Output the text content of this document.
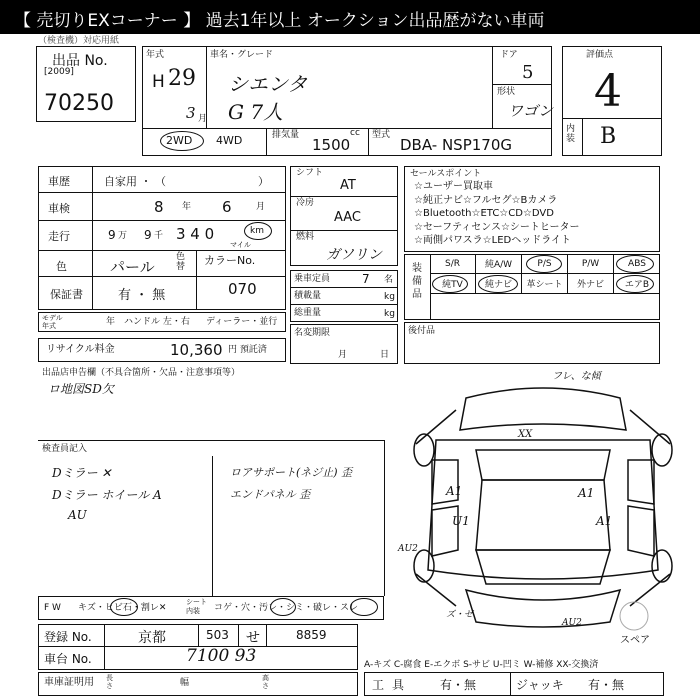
【 売切りEXコーナー 】 過去1年以上 オークション出品歴がない車両
（検査機）対応用紙
出品 No.
[2009]
70250
年式
H 29
3 月
車名・グレード
シエンタ
G 7人
ドア
5
形状
ワゴン
2WD 4WD	排気量	cc
1500
型式
DBA- NSP170G
評価点
4
内装 B
車歴	自家用 ・ （	）
車検	8 年 6	月
走行	9 万 9 千 3 4 0	km
マイル
色	パール
色替 カラーNo.
070
保証書	有 ・ 無
モデル年式	年 ハンドル 左・右 ディーラー・並行
リサイクル料金	10,360 円 預託済
シフト
AT
冷房
AAC
燃料
ガソリン
乗車定員	7 名
積載量	kg
総重量	kg
名変期限
月	日
セールスポイント
☆ユーザー買取車
☆純正ナビ☆フルセグ☆Bカメラ
☆Bluetooth☆ETC☆CD☆DVD
☆セーフティセンス☆シートヒーター
☆両側パワスラ☆LEDヘッドライト
装備品
S/R	純A/W	P/S	P/W	ABS
純TV	純ナビ	革シート	外ナビ	エアB
後付品
出品店申告欄（不具合箇所・欠品・注意事項等）
ロ地図SD欠
検査員記入
Dミラー ✕
Dミラー ホイール A
AU
ロアサポート(ネジ止) 歪
エンドパネル 歪
フレ、な傾
XX
A1	A1
U1	A1
AU2
ズ・ゼ
AU2
スペア
F W キズ・ヒビ石・割レ✕
シート内装	コゲ・穴・汚レ・シミ・破レ・スレ
登録 No.	京都	503 せ	8859
車台 No.	7100 93	A-キズ C-腐食 E-エクボ S-サビ U-凹ミ W-補修 XX-交換済
車庫証明用 長さ	幅	高さ	工具 有・無	ジャッキ 有・無
